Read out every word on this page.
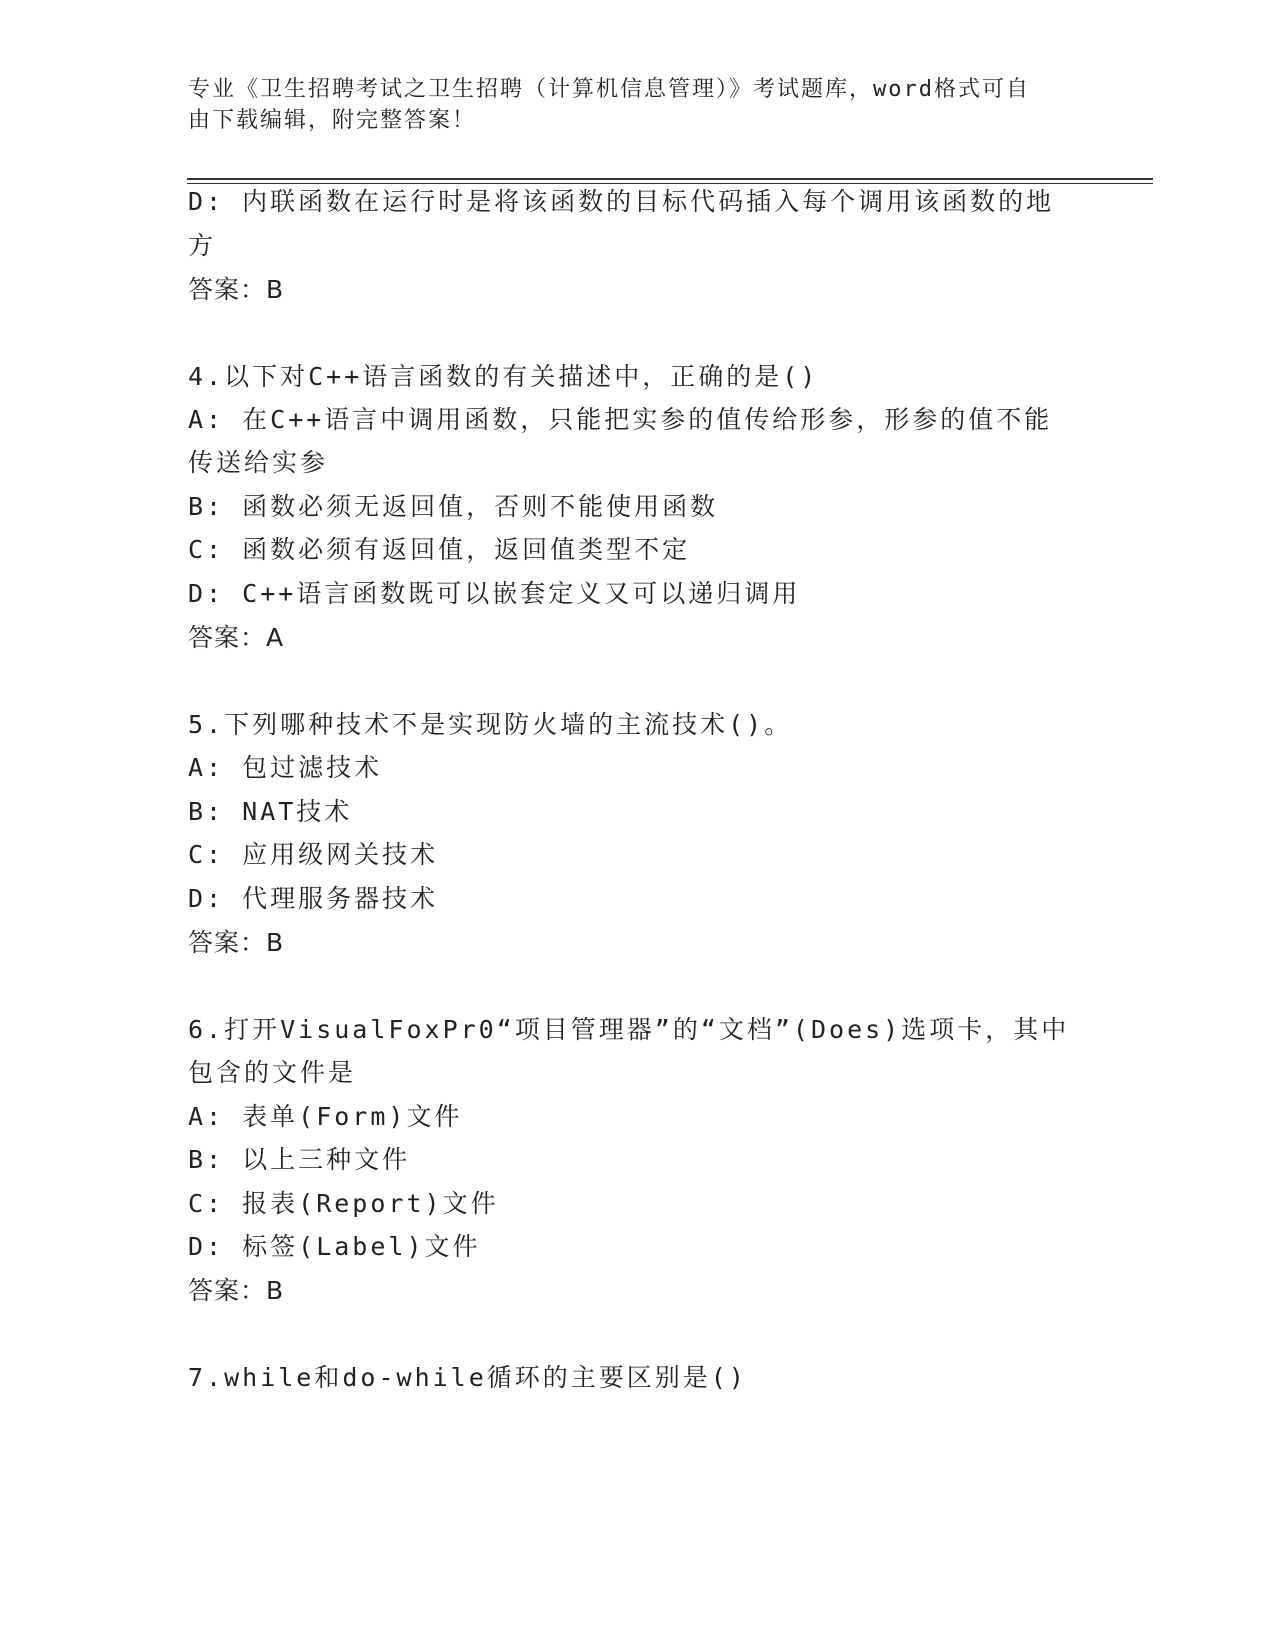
专业《卫生招聘考试之卫生招聘（计算机信息管理）》考试题库，word格式可自
由下载编辑，附完整答案！
D: 内联函数在运行时是将该函数的目标代码插入每个调用该函数的地
方
答案：B
4.以下对C++语言函数的有关描述中，正确的是()
A: 在C++语言中调用函数，只能把实参的值传给形参，形参的值不能
传送给实参
B: 函数必须无返回值，否则不能使用函数
C: 函数必须有返回值，返回值类型不定
D: C++语言函数既可以嵌套定义又可以递归调用
答案：A
5.下列哪种技术不是实现防火墙的主流技术()。
A: 包过滤技术
B: NAT技术
C: 应用级网关技术
D: 代理服务器技术
答案：B
6.打开VisualFoxPr0“项目管理器”的“文档”(Does)选项卡，其中
包含的文件是
A: 表单(Form)文件
B: 以上三种文件
C: 报表(Report)文件
D: 标签(Label)文件
答案：B
7.while和do-while循环的主要区别是()
